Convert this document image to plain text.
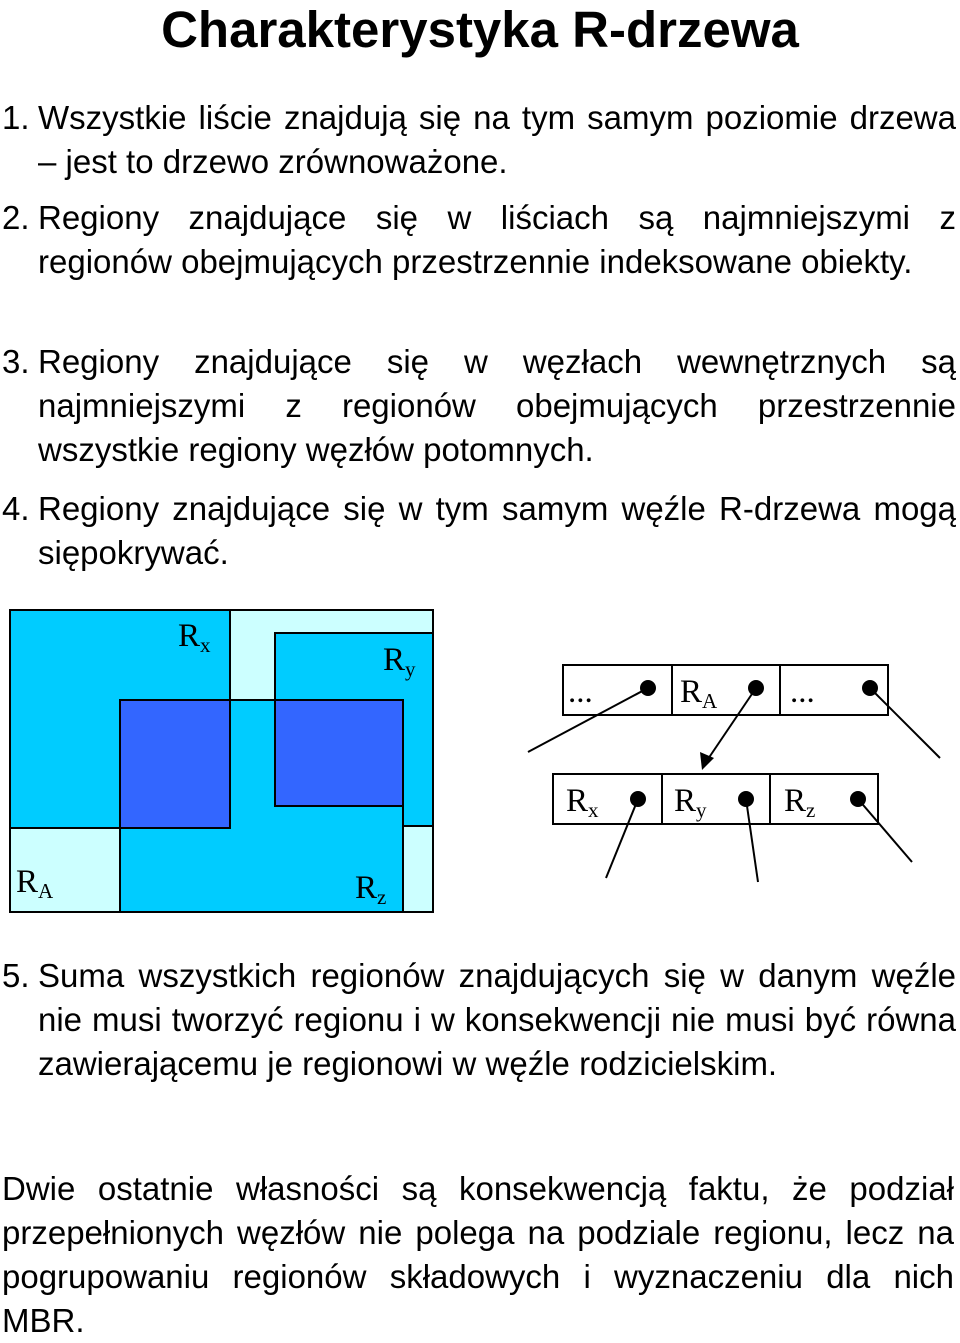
Charakterystyka R-drzewa
1. Wszystkie liście znajdują się na tym samym poziomie drzewa – jest to drzewo zrównoważone.
2. Regiony znajdujące się w liściach są najmniejszymi z regionów obejmujących przestrzennie indeksowane obiekty.
3. Regiony znajdujące się w węzłach wewnętrznych są najmniejszymi z regionów obejmujących przestrzennie wszystkie regiony węzłów potomnych.
4. Regiony znajdujące się w tym samym węźle R-drzewa mogą siępokrywać.
Rx	Ry
RA	Rz
...	RA ...
Rx Ry Rz
5. Suma wszystkich regionów znajdujących się w danym węźle nie musi tworzyć regionu i w konsekwencji nie musi być równa zawierającemu je regionowi w węźle rodzicielskim.
Dwie ostatnie własności są konsekwencją faktu, że podział przepełnionych węzłów nie polega na podziale regionu, lecz na pogrupowaniu regionów składowych i wyznaczeniu dla nich MBR.
